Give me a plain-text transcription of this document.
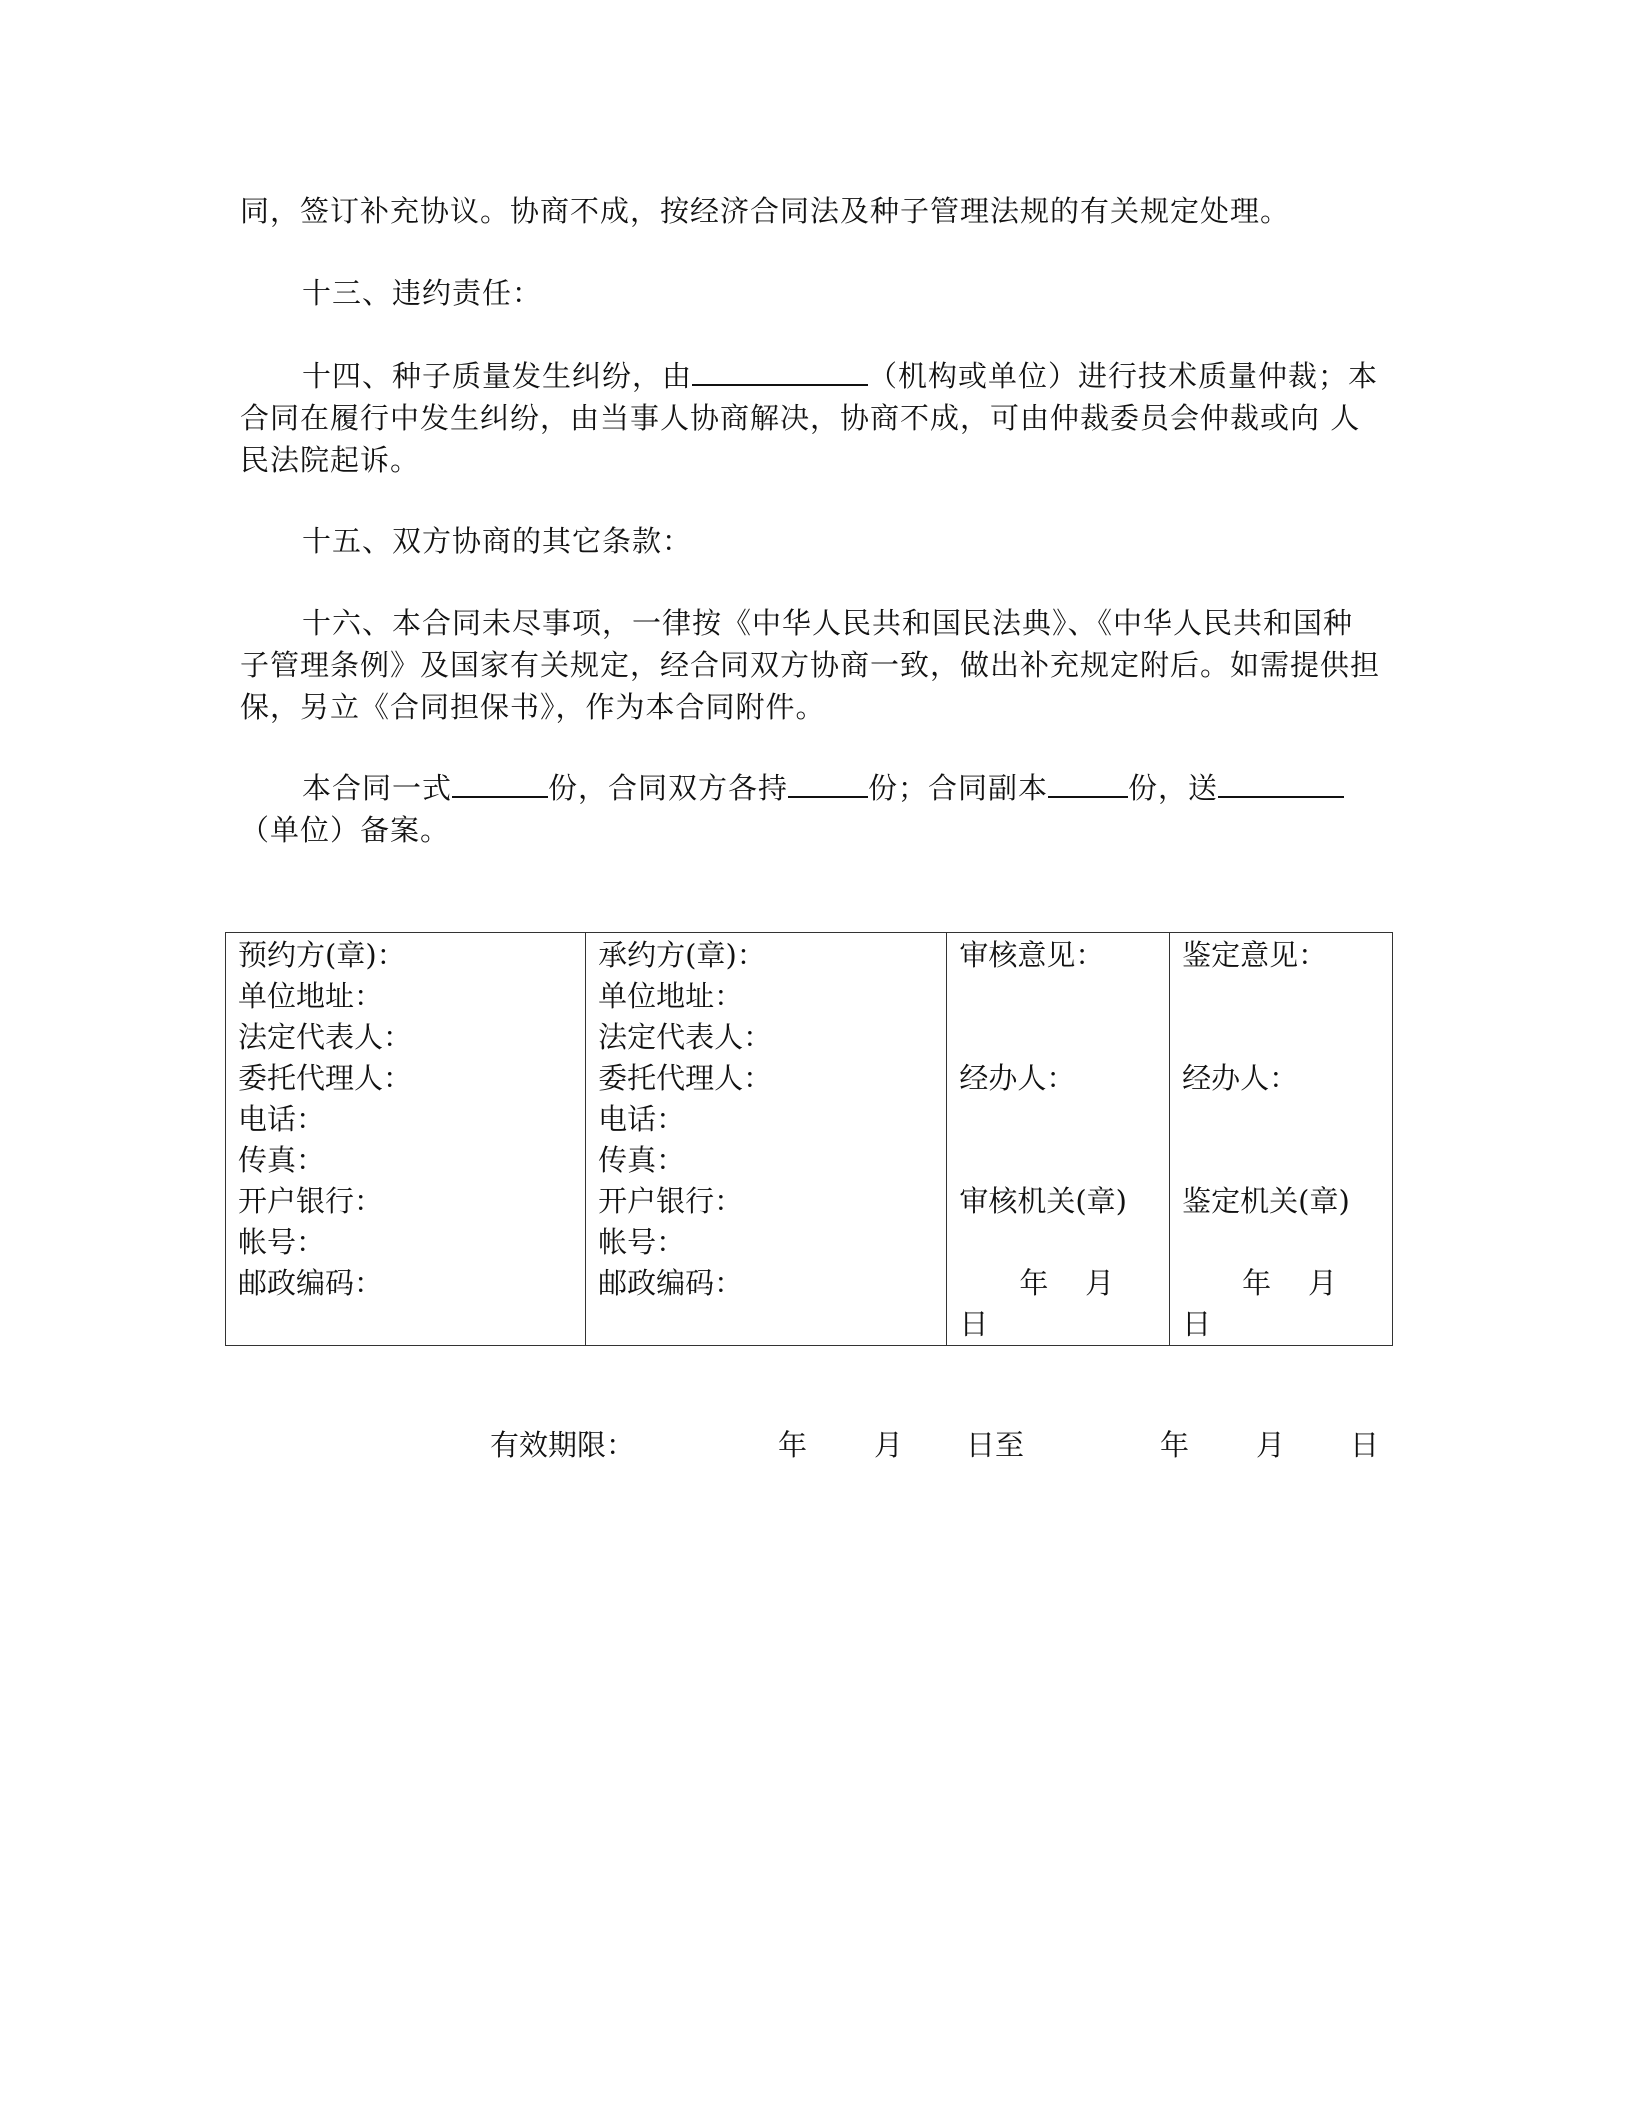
同，签订补充协议。协商不成，按经济合同法及种子管理法规的有关规定处理。

十三、违约责任：

十四、种子质量发生纠纷，由	（机构或单位）进行技术质量仲裁；本合同在履行中发生纠纷，由当事人协商解决，协商不成，可由仲裁委员会仲裁或向 人民法院起诉。

十五、双方协商的其它条款：

十六、本合同未尽事项，一律按《中华人民共和国民法典》、《中华人民共和国种子管理条例》及国家有关规定，经合同双方协商一致，做出补充规定附后。如需提供担保，另立《合同担保书》，作为本合同附件。

本合同一式	份，合同双方各持	份；合同副本	份，送（单位）备案。

预约方(章)：
单位地址：
法定代表人：
委托代理人：
电话：
传真：
开户银行：
帐号：
邮政编码：

承约方(章)：
单位地址：
法定代表人：
委托代理人：
电话：
传真：
开户银行：
帐号：
邮政编码：

审核意见：
经办人：
审核机关(章)
年    月
日

鉴定意见：
经办人：
鉴定机关(章)
年    月
日

有效期限：

	年

月

日至

	年

月

日
